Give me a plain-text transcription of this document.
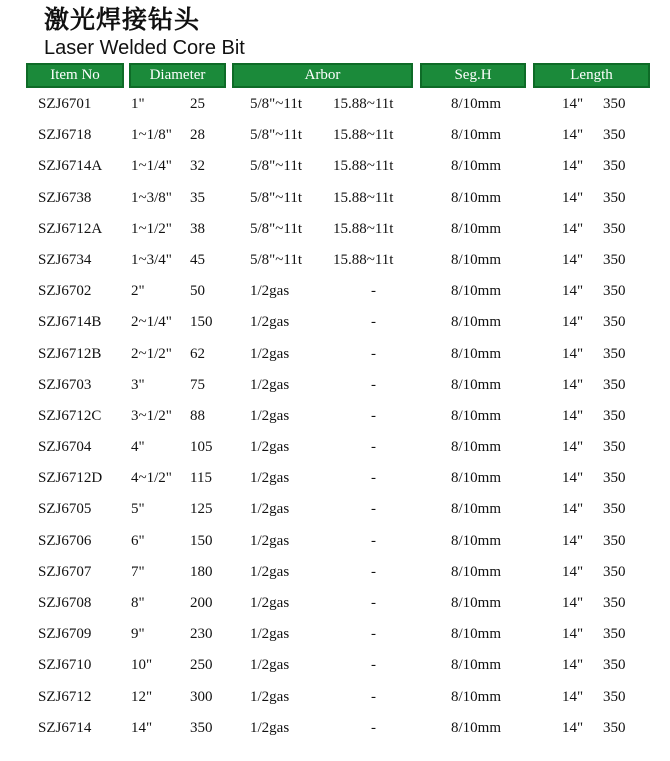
激光焊接钻头
Laser Welded Core Bit
Item No	Diameter	Arbor	Seg.H	Length
SZJ6701	1"	25	5/8"~11t 15.88~11t	8/10mm	14" 350
SZJ6718	1~1/8" 28	5/8"~11t 15.88~11t	8/10mm	14" 350
SZJ6714A 1~1/4" 32	5/8"~11t 15.88~11t	8/10mm	14" 350
SZJ6738	1~3/8" 35	5/8"~11t 15.88~11t	8/10mm	14" 350
SZJ6712A 1~1/2" 38	5/8"~11t 15.88~11t	8/10mm	14" 350
SZJ6734	1~3/4" 45	5/8"~11t 15.88~11t	8/10mm	14" 350
SZJ6702	2"	50	1/2gas	-	8/10mm	14" 350
SZJ6714B 2~1/4" 150	1/2gas	-	8/10mm	14" 350
SZJ6712B 2~1/2" 62	1/2gas	-	8/10mm	14" 350
SZJ6703	3"	75	1/2gas	-	8/10mm	14" 350
SZJ6712C 3~1/2" 88	1/2gas	-	8/10mm	14" 350
SZJ6704	4"	105	1/2gas	-	8/10mm	14" 350
SZJ6712D 4~1/2" 115	1/2gas	-	8/10mm	14" 350
SZJ6705	5"	125	1/2gas	-	8/10mm	14" 350
SZJ6706	6"	150	1/2gas	-	8/10mm	14" 350
SZJ6707	7"	180	1/2gas	-	8/10mm	14" 350
SZJ6708	8"	200	1/2gas	-	8/10mm	14" 350
SZJ6709	9"	230	1/2gas	-	8/10mm	14" 350
SZJ6710	10"	250	1/2gas	-	8/10mm	14" 350
SZJ6712	12"	300	1/2gas	-	8/10mm	14" 350
SZJ6714	14"	350	1/2gas	-	8/10mm	14" 350
